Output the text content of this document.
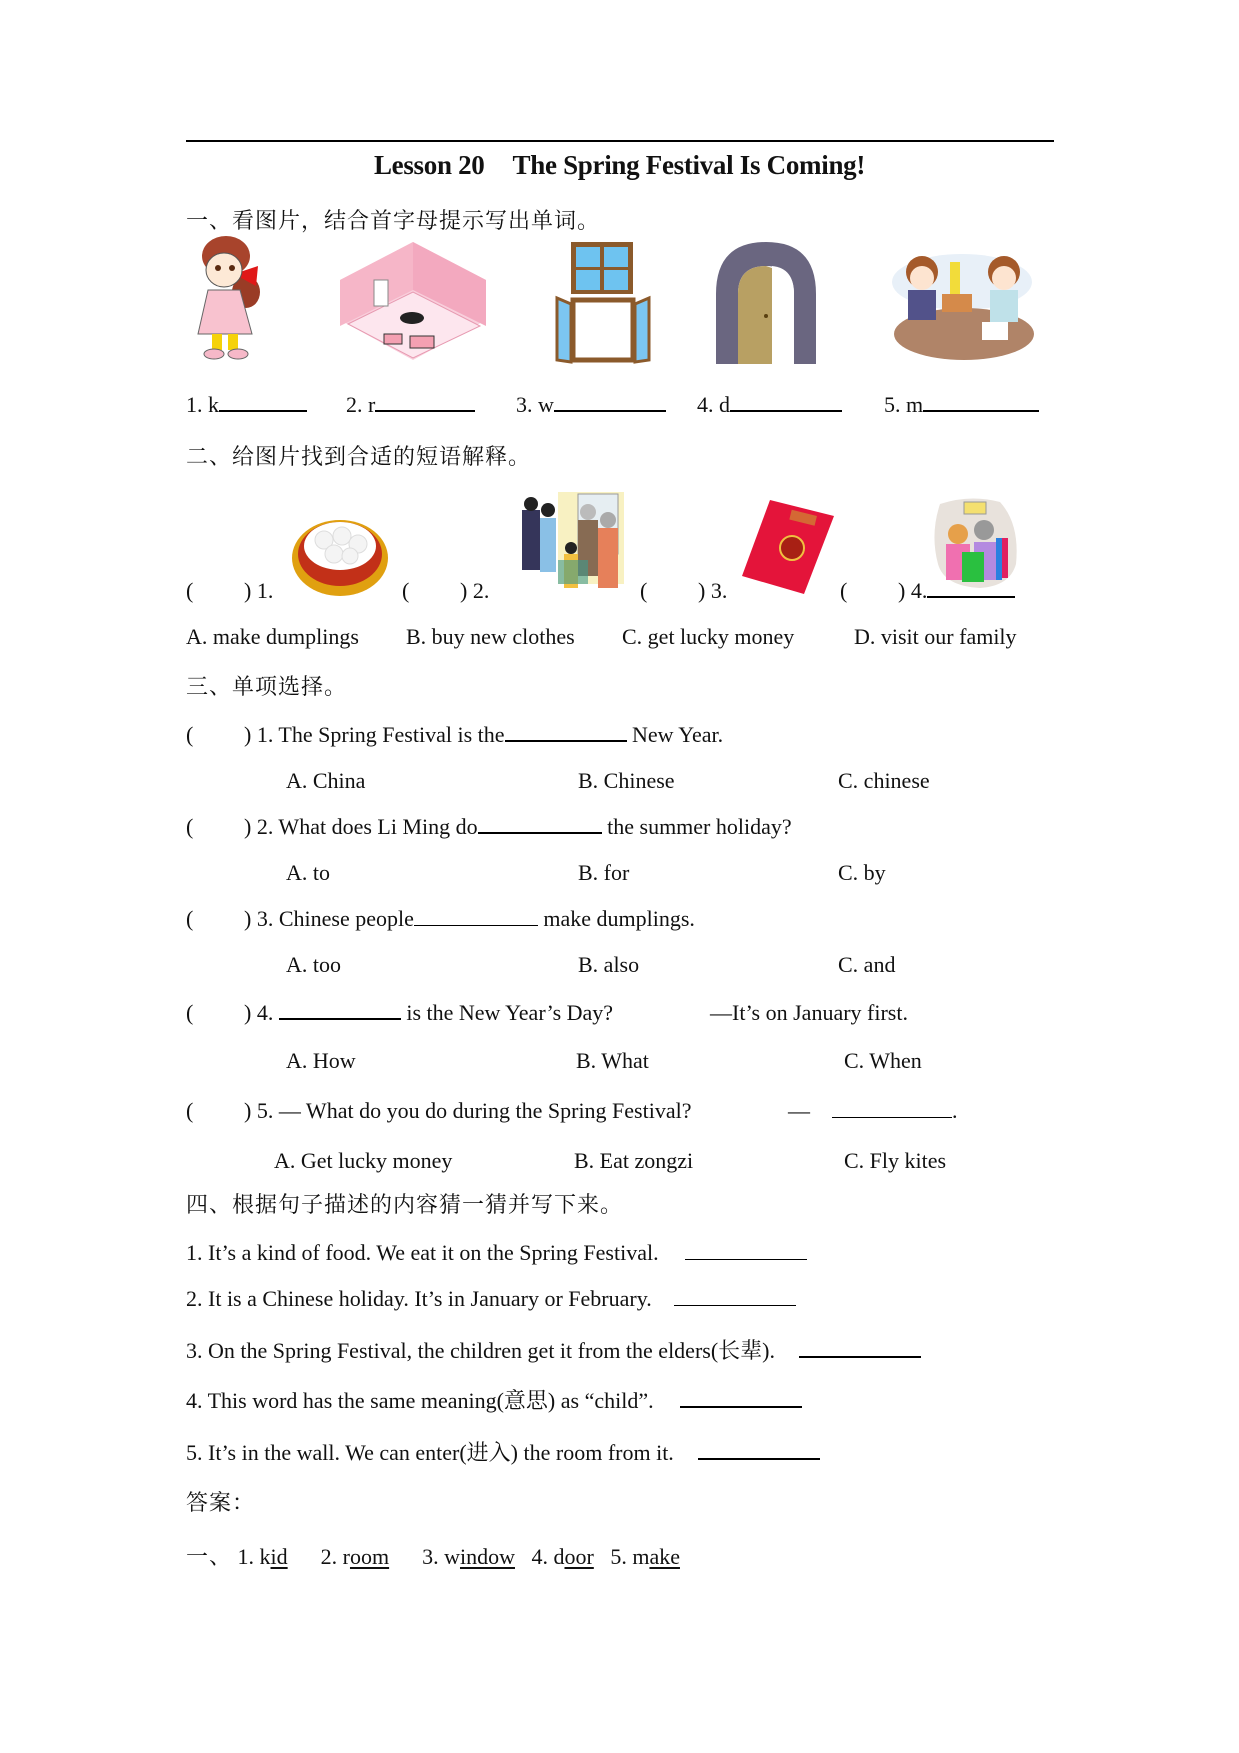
Lesson 20 The Spring Festival Is Coming!
一、看图片，结合首字母提示写出单词。
1. k	2. r	3. w	4. d	5. m
二、给图片找到合适的短语解释。
( ) 1.	( ) 2.	( ) 3.	( ) 4.
A. make dumplings B. buy new clothes C. get lucky money	D. visit our family
三、单项选择。
( ) 1. The Spring Festival is the	New Year.
A. China	B. Chinese	C. chinese
( ) 2. What does Li Ming do	the summer holiday?
A. to	B. for	C. by
( ) 3. Chinese people	make dumplings.
A. too	B. also	C. and
( ) 4.	is the New Year’s Day?	—It’s on January first.
A. How	B. What	C. When
( ) 5. — What do you do during the Spring Festival?	—	.
A. Get lucky money	B. Eat zongzi	C. Fly kites
四、根据句子描述的内容猜一猜并写下来。
1. It’s a kind of food. We eat it on the Spring Festival.
2. It is a Chinese holiday. It’s in January or February.
3. On the Spring Festival, the children get it from the elders(长辈).
4. This word has the same meaning(意思) as “child”.
5. It’s in the wall. We can enter(进入) the room from it.
答案：
一、 1. kid 2. room 3. window 4. door 5. make
